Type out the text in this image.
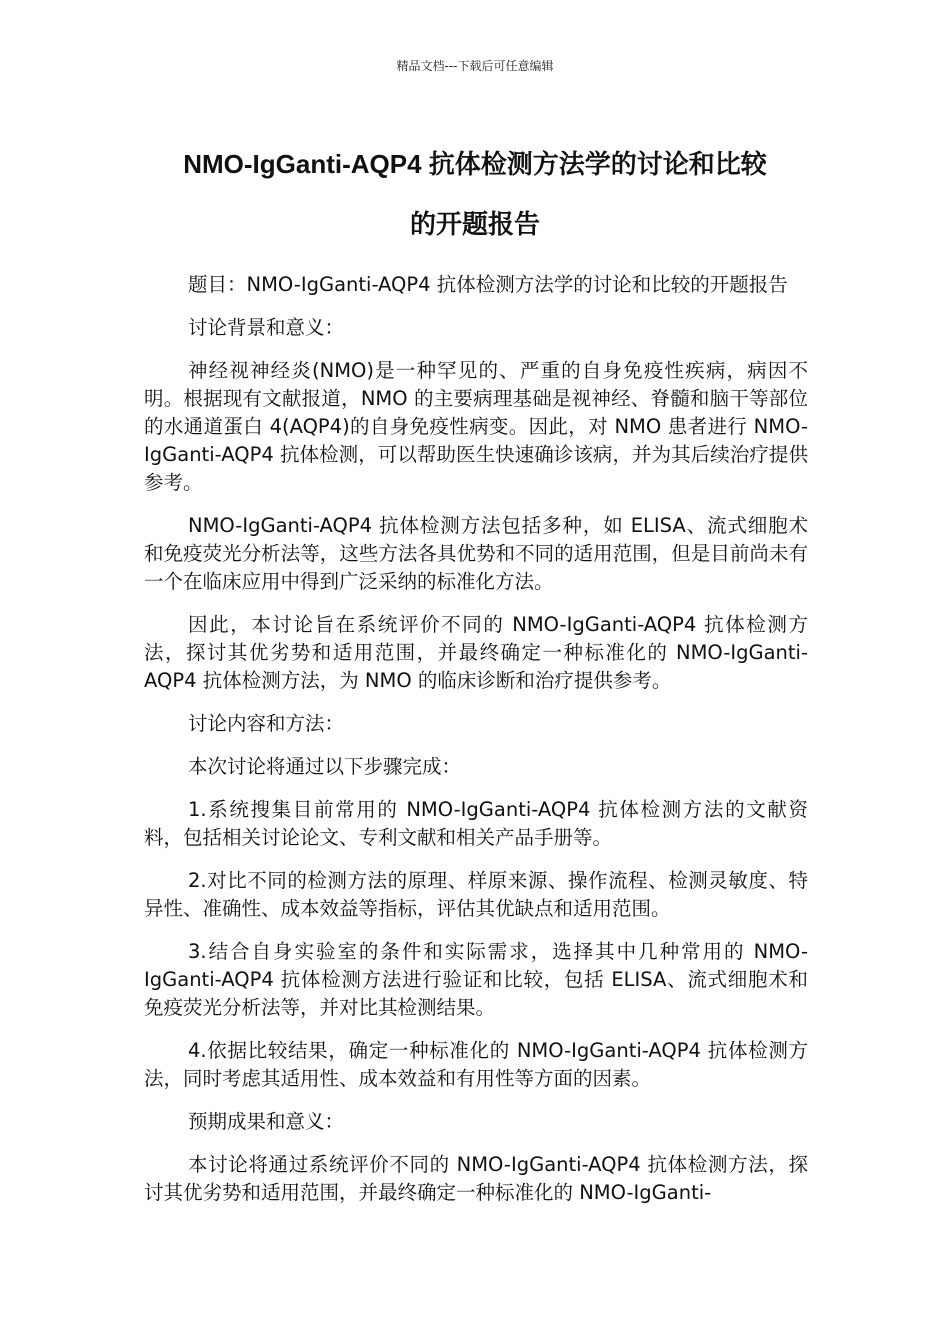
精品文档---下载后可任意编辑
NMO-IgGanti-AQP4 抗体检测方法学的讨论和比较
的开题报告

题目：NMO-IgGanti-AQP4 抗体检测方法学的讨论和比较的开题报告

讨论背景和意义：

神经视神经炎(NMO)是一种罕见的、严重的自身免疫性疾病，病因不明。根据现有文献报道，NMO 的主要病理基础是视神经、脊髓和脑干等部位的水通道蛋白 4(AQP4)的自身免疫性病变。因此，对 NMO 患者进行 NMO-IgGanti-AQP4 抗体检测，可以帮助医生快速确诊该病，并为其后续治疗提供参考。

NMO-IgGanti-AQP4 抗体检测方法包括多种，如 ELISA、流式细胞术和免疫荧光分析法等，这些方法各具优势和不同的适用范围，但是目前尚未有一个在临床应用中得到广泛采纳的标准化方法。

因此，本讨论旨在系统评价不同的 NMO-IgGanti-AQP4 抗体检测方法，探讨其优劣势和适用范围，并最终确定一种标准化的 NMO-IgGanti-AQP4 抗体检测方法，为 NMO 的临床诊断和治疗提供参考。

讨论内容和方法：

本次讨论将通过以下步骤完成：

1.系统搜集目前常用的 NMO-IgGanti-AQP4 抗体检测方法的文献资料，包括相关讨论论文、专利文献和相关产品手册等。

2.对比不同的检测方法的原理、样原来源、操作流程、检测灵敏度、特异性、准确性、成本效益等指标，评估其优缺点和适用范围。

3.结合自身实验室的条件和实际需求，选择其中几种常用的 NMO-IgGanti-AQP4 抗体检测方法进行验证和比较，包括 ELISA、流式细胞术和免疫荧光分析法等，并对比其检测结果。

4.依据比较结果，确定一种标准化的 NMO-IgGanti-AQP4 抗体检测方法，同时考虑其适用性、成本效益和有用性等方面的因素。

预期成果和意义：

本讨论将通过系统评价不同的 NMO-IgGanti-AQP4 抗体检测方法，探讨其优劣势和适用范围，并最终确定一种标准化的 NMO-IgGanti-
